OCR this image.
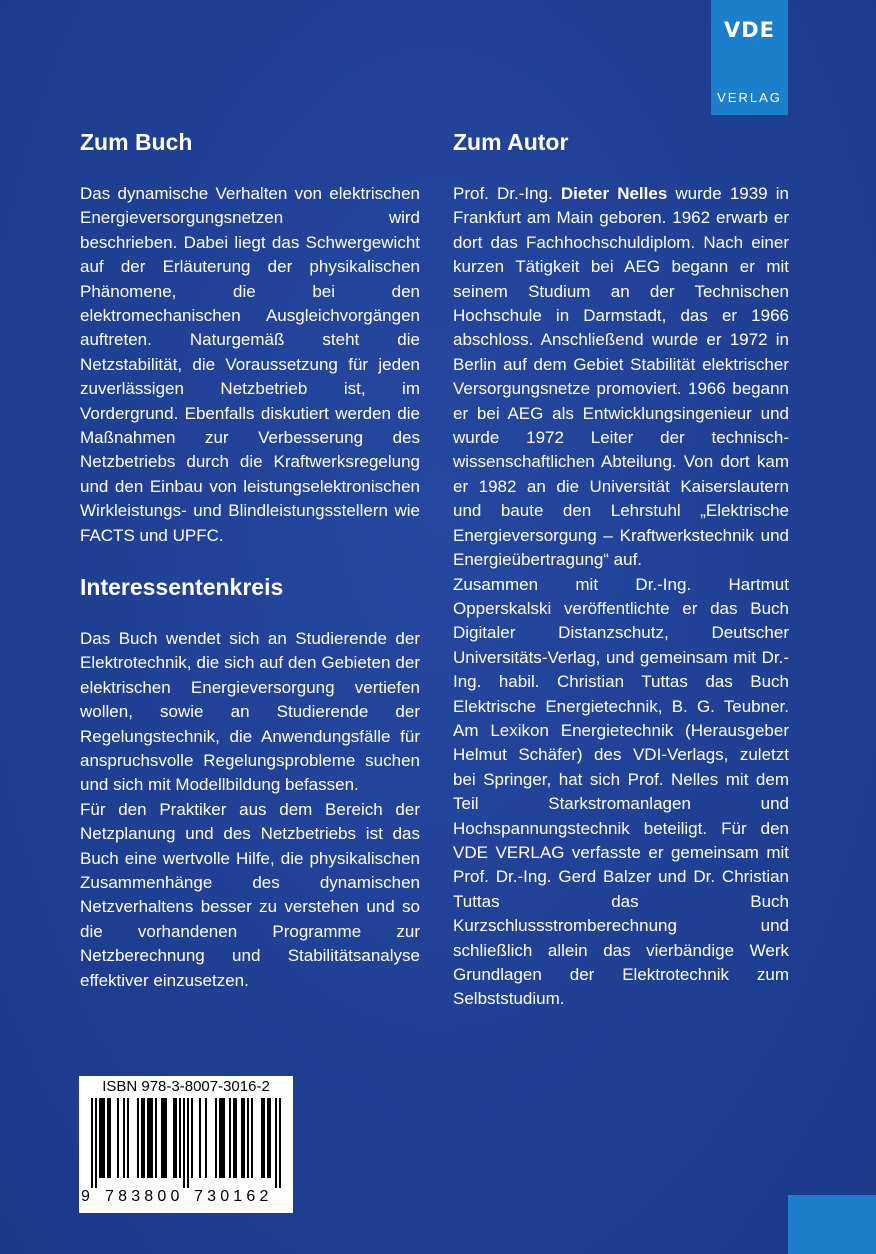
VDE
VERLAG
Zum Buch

Das dynamische Verhalten von elektrischen Energieversorgungsnetzen wird beschrieben. Dabei liegt das Schwergewicht auf der Erläuterung der physikalischen Phänomene, die bei den elektromechanischen Ausgleichvorgängen auftreten. Naturgemäß steht die Netzstabilität, die Voraussetzung für jeden zuverlässigen Netzbetrieb ist, im Vordergrund. Ebenfalls diskutiert werden die Maßnahmen zur Verbesserung des Netzbetriebs durch die Kraftwerksregelung und den Einbau von leistungselektronischen Wirkleistungs- und Blindleistungsstellern wie FACTS und UPFC.

Interessentenkreis

Das Buch wendet sich an Studierende der Elektrotechnik, die sich auf den Gebieten der elektrischen Energieversorgung vertiefen wollen, sowie an Studierende der Regelungstechnik, die Anwendungsfälle für anspruchsvolle Regelungsprobleme suchen und sich mit Modellbildung befassen.

Für den Praktiker aus dem Bereich der Netzplanung und des Netzbetriebs ist das Buch eine wertvolle Hilfe, die physikalischen Zusammenhänge des dynamischen Netzverhaltens besser zu verstehen und so die vorhandenen Programme zur Netzberechnung und Stabilitätsanalyse effektiver einzusetzen.

Zum Autor

Prof. Dr.-Ing. Dieter Nelles wurde 1939 in Frankfurt am Main geboren. 1962 erwarb er dort das Fachhochschuldiplom. Nach einer kurzen Tätigkeit bei AEG begann er mit seinem Studium an der Technischen Hochschule in Darmstadt, das er 1966 abschloss. Anschließend wurde er 1972 in Berlin auf dem Gebiet Stabilität elektrischer Versorgungsnetze promoviert. 1966 begann er bei AEG als Entwicklungsingenieur und wurde 1972 Leiter der technisch-wissenschaftlichen Abteilung. Von dort kam er 1982 an die Universität Kaiserslautern und baute den Lehrstuhl „Elektrische Energieversorgung – Kraftwerkstechnik und Energieübertragung“ auf.

Zusammen mit Dr.-Ing. Hartmut Opperskalski veröffentlichte er das Buch Digitaler Distanzschutz, Deutscher Universitäts-Verlag, und gemeinsam mit Dr.-Ing. habil. Christian Tuttas das Buch Elektrische Energietechnik, B. G. Teubner. Am Lexikon Energietechnik (Herausgeber Helmut Schäfer) des VDI-Verlags, zuletzt bei Springer, hat sich Prof. Nelles mit dem Teil Starkstromanlagen und Hochspannungstechnik beteiligt. Für den VDE VERLAG verfasste er gemeinsam mit Prof. Dr.-Ing. Gerd Balzer und Dr. Christian Tuttas das Buch Kurzschlussstromberechnung und schließlich allein das vierbändige Werk Grundlagen der Elektrotechnik zum Selbststudium.

ISBN 978-3-8007-3016-2
9 783800 730162
